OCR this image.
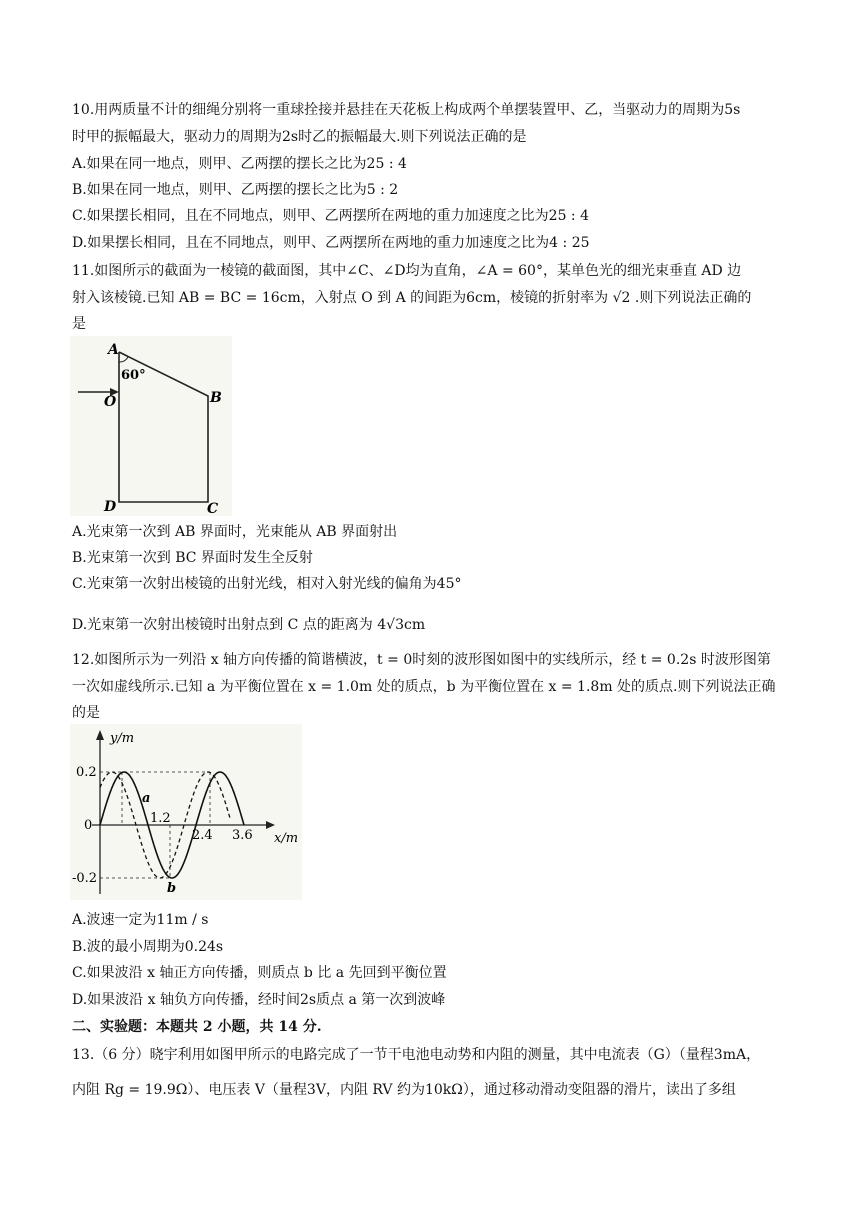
10.用两质量不计的细绳分别将一重球拴接并悬挂在天花板上构成两个单摆装置甲、乙，当驱动力的周期为5s
时甲的振幅最大，驱动力的周期为2s时乙的振幅最大.则下列说法正确的是
A.如果在同一地点，则甲、乙两摆的摆长之比为25 : 4
B.如果在同一地点，则甲、乙两摆的摆长之比为5 : 2
C.如果摆长相同，且在不同地点，则甲、乙两摆所在两地的重力加速度之比为25 : 4
D.如果摆长相同，且在不同地点，则甲、乙两摆所在两地的重力加速度之比为4 : 25
11.如图所示的截面为一棱镜的截面图，其中∠C、∠D均为直角，∠A = 60°，某单色光的细光束垂直 AD 边
射入该棱镜.已知 AB = BC = 16cm，入射点 O 到 A 的间距为6cm，棱镜的折射率为 √2 .则下列说法正确的
是
A
60°
O	B
D	C
A.光束第一次到 AB 界面时，光束能从 AB 界面射出
B.光束第一次到 BC 界面时发生全反射
C.光束第一次射出棱镜的出射光线，相对入射光线的偏角为45°
D.光束第一次射出棱镜时出射点到 C 点的距离为 4√3cm
12.如图所示为一列沿 x 轴方向传播的简谐横波，t = 0时刻的波形图如图中的实线所示，经 t = 0.2s 时波形图第
一次如虚线所示.已知 a 为平衡位置在 x = 1.0m 处的质点，b 为平衡位置在 x = 1.8m 处的质点.则下列说法正确
的是
y/m
x/m
0.2
0
-0.2
1.2
2.4 3.6
a
b
A.波速一定为11m / s
B.波的最小周期为0.24s
C.如果波沿 x 轴正方向传播，则质点 b 比 a 先回到平衡位置
D.如果波沿 x 轴负方向传播，经时间2s质点 a 第一次到波峰
二、实验题：本题共 2 小题，共 14 分.
13.（6 分）晓宇利用如图甲所示的电路完成了一节干电池电动势和内阻的测量，其中电流表（G）（量程3mA，
内阻 Rg = 19.9Ω）、电压表 V（量程3V，内阻 RV 约为10kΩ），通过移动滑动变阻器的滑片，读出了多组
